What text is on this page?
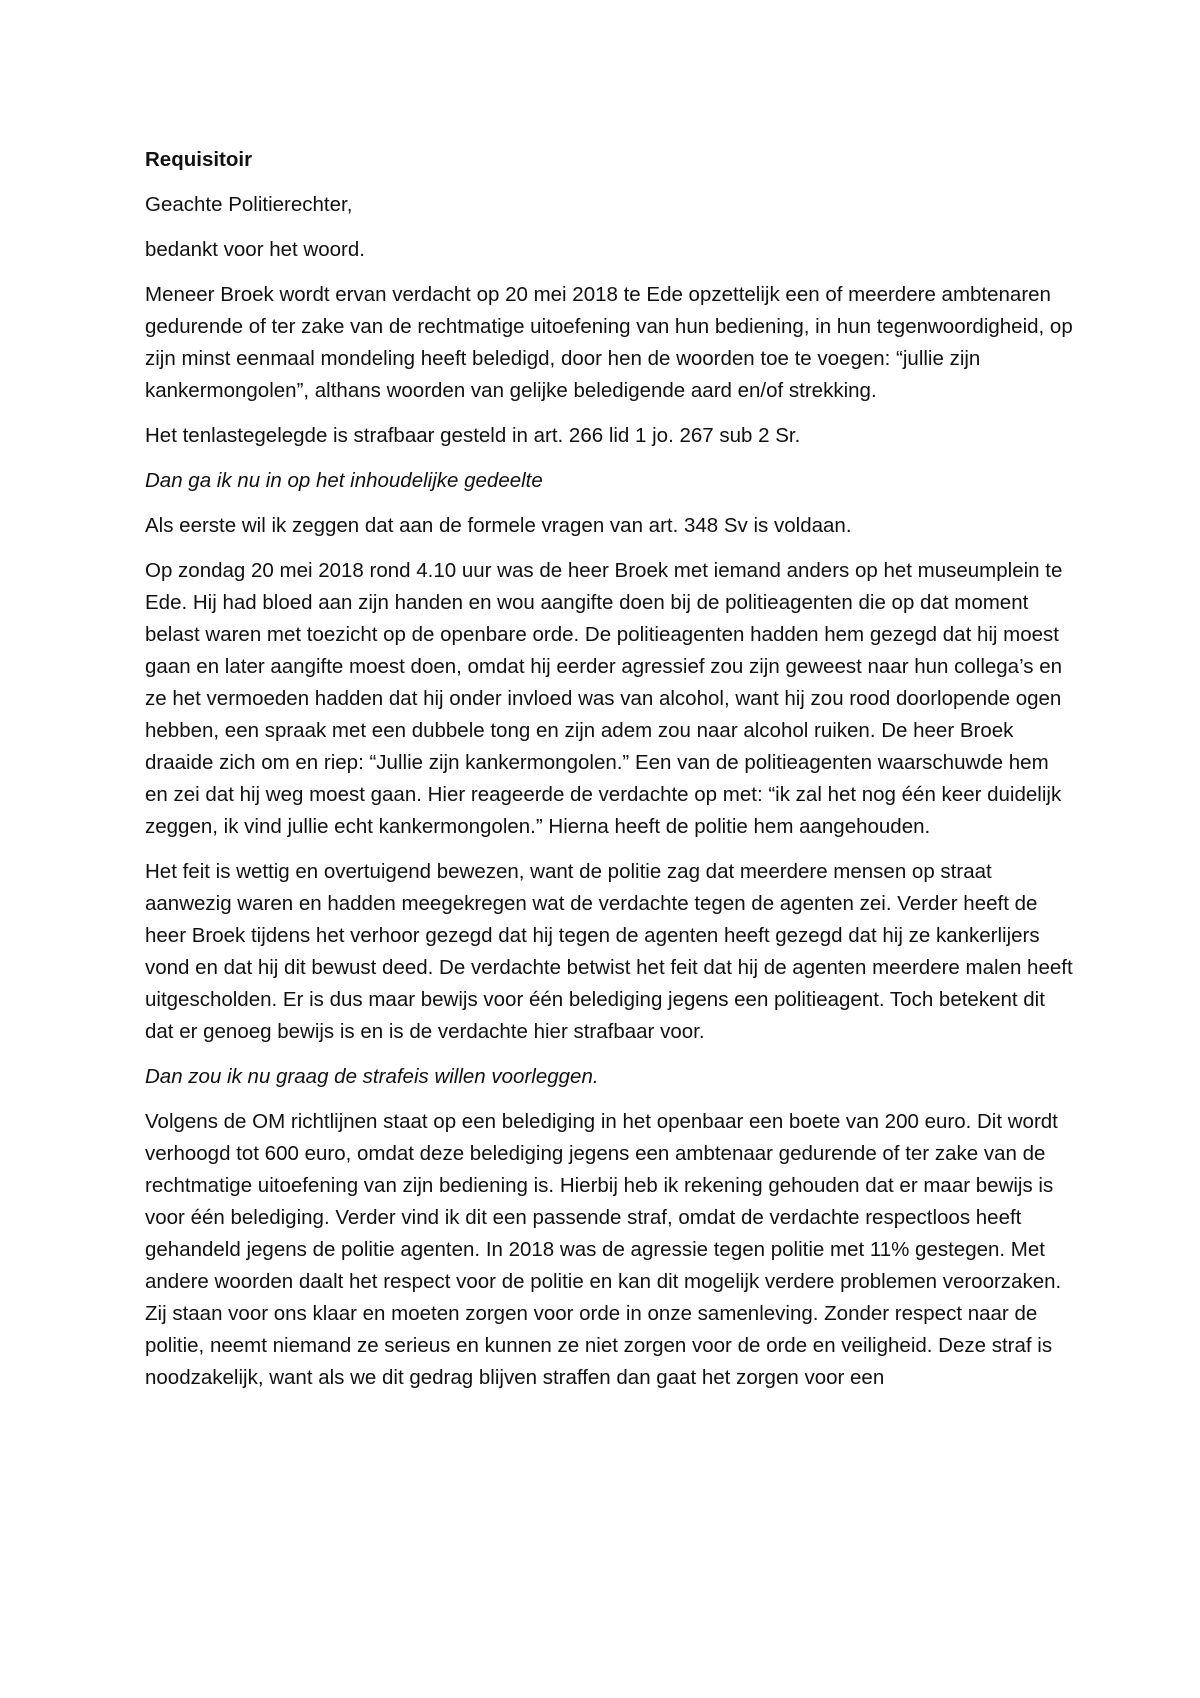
Requisitoir

Geachte Politierechter,

bedankt voor het woord.

Meneer Broek wordt ervan verdacht op 20 mei 2018 te Ede opzettelijk een of meerdere ambtenaren gedurende of ter zake van de rechtmatige uitoefening van hun bediening, in hun tegenwoordigheid, op zijn minst eenmaal mondeling heeft beledigd, door hen de woorden toe te voegen: “jullie zijn kankermongolen”, althans woorden van gelijke beledigende aard en/of strekking.

Het tenlastegelegde is strafbaar gesteld in art. 266 lid 1 jo. 267 sub 2 Sr.

Dan ga ik nu in op het inhoudelijke gedeelte

Als eerste wil ik zeggen dat aan de formele vragen van art. 348 Sv is voldaan.

Op zondag 20 mei 2018 rond 4.10 uur was de heer Broek met iemand anders op het museumplein te Ede. Hij had bloed aan zijn handen en wou aangifte doen bij de politieagenten die op dat moment belast waren met toezicht op de openbare orde. De politieagenten hadden hem gezegd dat hij moest gaan en later aangifte moest doen, omdat hij eerder agressief zou zijn geweest naar hun collega’s en ze het vermoeden hadden dat hij onder invloed was van alcohol, want hij zou rood doorlopende ogen hebben, een spraak met een dubbele tong en zijn adem zou naar alcohol ruiken. De heer Broek draaide zich om en riep: “Jullie zijn kankermongolen.” Een van de politieagenten waarschuwde hem en zei dat hij weg moest gaan. Hier reageerde de verdachte op met: “ik zal het nog één keer duidelijk zeggen, ik vind jullie echt kankermongolen.” Hierna heeft de politie hem aangehouden.

Het feit is wettig en overtuigend bewezen, want de politie zag dat meerdere mensen op straat aanwezig waren en hadden meegekregen wat de verdachte tegen de agenten zei. Verder heeft de heer Broek tijdens het verhoor gezegd dat hij tegen de agenten heeft gezegd dat hij ze kankerlijers vond en dat hij dit bewust deed. De verdachte betwist het feit dat hij de agenten meerdere malen heeft uitgescholden. Er is dus maar bewijs voor één belediging jegens een politieagent. Toch betekent dit dat er genoeg bewijs is en is de verdachte hier strafbaar voor.

Dan zou ik nu graag de strafeis willen voorleggen.

Volgens de OM richtlijnen staat op een belediging in het openbaar een boete van 200 euro. Dit wordt verhoogd tot 600 euro, omdat deze belediging jegens een ambtenaar gedurende of ter zake van de rechtmatige uitoefening van zijn bediening is. Hierbij heb ik rekening gehouden dat er maar bewijs is voor één belediging. Verder vind ik dit een passende straf, omdat de verdachte respectloos heeft gehandeld jegens de politie agenten. In 2018 was de agressie tegen politie met 11% gestegen. Met andere woorden daalt het respect voor de politie en kan dit mogelijk verdere problemen veroorzaken. Zij staan voor ons klaar en moeten zorgen voor orde in onze samenleving. Zonder respect naar de politie, neemt niemand ze serieus en kunnen ze niet zorgen voor de orde en veiligheid. Deze straf is noodzakelijk, want als we dit gedrag blijven straffen dan gaat het zorgen voor een
